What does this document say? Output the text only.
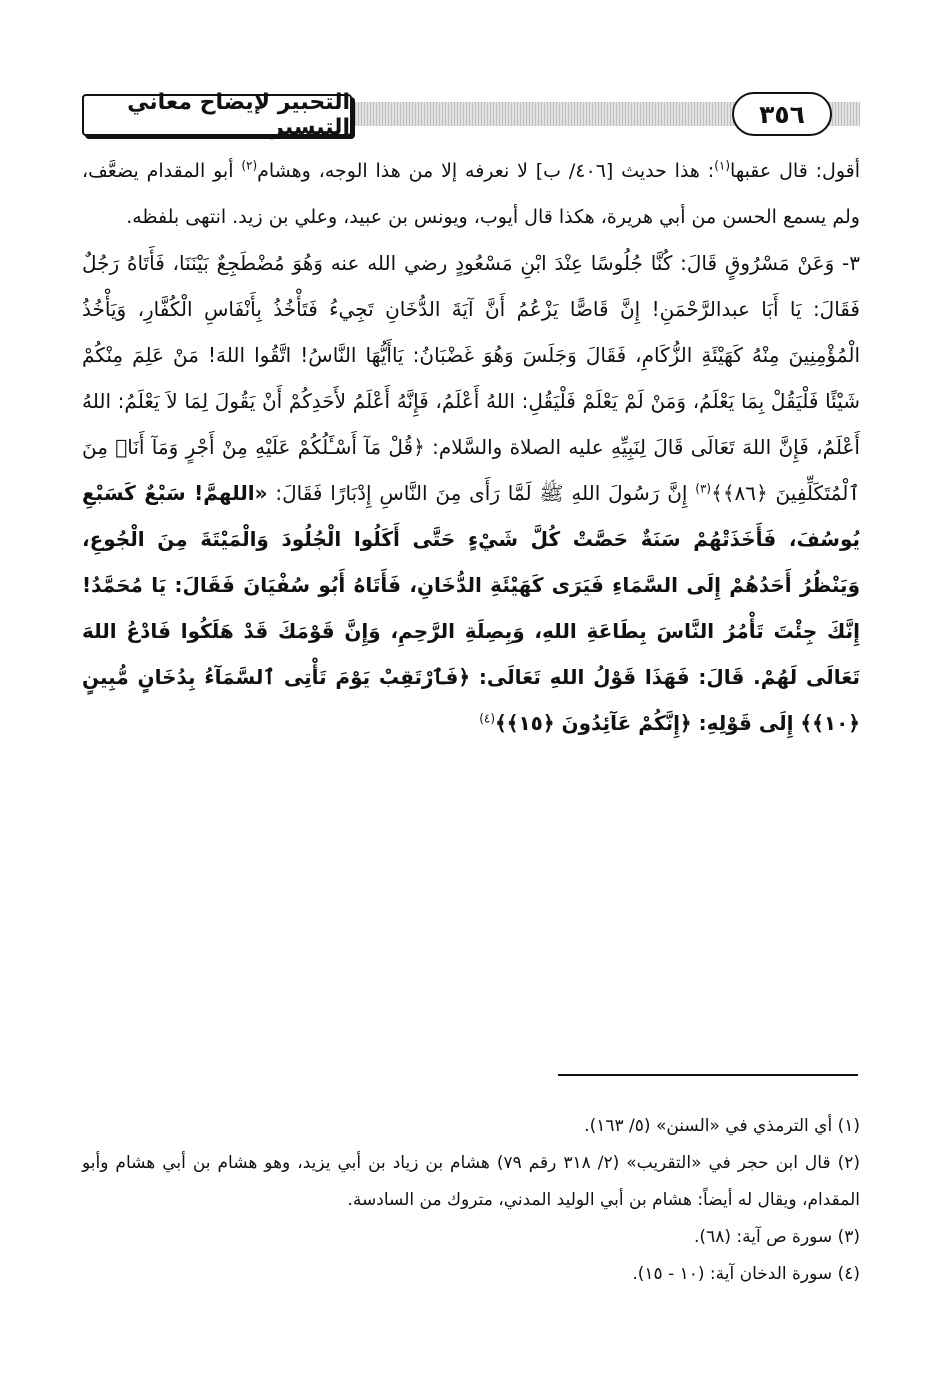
التحبير لإيضاح معاني التيسير	٣٥٦

أقول: قال عقبها$^{(١)}$: هذا حديث [٤٠٦/ ب] لا نعرفه إلا من هذا الوجه، وهشام$^{(٢)}$ أبو المقدام يضعَّف، ولم يسمع الحسن من أبي هريرة، هكذا قال أيوب، ويونس بن عبيد، وعلي بن زيد. انتهى بلفظه.

٣- وَعَنْ مَسْرُوقٍ قَالَ: كُنَّا جُلُوسًا عِنْدَ ابْنِ مَسْعُودٍ رضي الله عنه وَهُوَ مُضْطَجِعٌ بَيْنَنَا، فَأَتَاهُ رَجُلٌ فَقَالَ: يَا أَبَا عبدالرَّحْمَنِ! إِنَّ قَاصًّا يَزْعُمُ أَنَّ آيَةَ الدُّخَانِ تَجِيءُ فَتَأْخُذُ بِأَنْفَاسِ الْكُفَّارِ، وَيَأْخُذُ الْمُؤْمِنِينَ مِنْهُ كَهَيْئَةِ الزُّكَامِ، فَقَالَ وَجَلَسَ وَهُوَ غَضْبَانُ: يَاأَيُّهَا النَّاسُ! اتَّقُوا اللهَ! مَنْ عَلِمَ مِنْكُمْ شَيْئًا فَلْيَقُلْ بِمَا يَعْلَمُ، وَمَنْ لَمْ يَعْلَمْ فَلْيَقُلِ: اللهُ أَعْلَمُ، فَإِنَّهُ أَعْلَمُ لأَحَدِكُمْ أَنْ يَقُولَ لِمَا لاَ يَعْلَمُ: اللهُ أَعْلَمُ، فَإِنَّ اللهَ تَعَالَى قَالَ لِنَبِيِّهِ عليه الصلاة والسَّلام: ﴿قُلْ مَآ أَسْـَٔلُكُمْ عَلَيْهِ مِنْ أَجْرٍ وَمَآ أَنَا۠ مِنَ ٱلْمُتَكَلِّفِينَ ﴿٨٦﴾﴾$^{(٣)}$ إِنَّ رَسُولَ اللهِ ﷺ لَمَّا رَأَى مِنَ النَّاسِ إِدْبَارًا فَقَالَ: «اللهمَّ! سَبْعٌ كَسَبْعِ يُوسُفَ، فَأَخَذَتْهُمْ سَنَةٌ حَصَّتْ كُلَّ شَيْءٍ حَتَّى أَكَلُوا الْجُلُودَ وَالْمَيْتَةَ مِنَ الْجُوعِ، وَيَنْظُرُ أَحَدُهُمْ إِلَى السَّمَاءِ فَيَرَى كَهَيْئَةِ الدُّخَانِ، فَأَتَاهُ أَبُو سُفْيَانَ فَقَالَ: يَا مُحَمَّدُ! إِنَّكَ جِئْتَ تَأْمُرُ النَّاسَ بِطَاعَةِ اللهِ، وَبِصِلَةِ الرَّحِمِ، وَإِنَّ قَوْمَكَ قَدْ هَلَكُوا فَادْعُ اللهَ تَعَالَى لَهُمْ. قَالَ: فَهَذَا قَوْلُ اللهِ تَعَالَى: ﴿فَٱرْتَقِبْ يَوْمَ تَأْتِى ٱلسَّمَآءُ بِدُخَانٍ مُّبِينٍ ﴿١٠﴾﴾ إِلَى قَوْلِهِ: ﴿إِنَّكُمْ عَآئِدُونَ ﴿١٥﴾﴾$^{(٤)}$

(١) أي الترمذي في «السنن» (٥/ ١٦٣).

(٢) قال ابن حجر في «التقريب» (٢/ ٣١٨ رقم ٧٩) هشام بن زياد بن أبي يزيد، وهو هشام بن أبي هشام وأبو المقدام، ويقال له أيضاً: هشام بن أبي الوليد المدني، متروك من السادسة.

(٣) سورة ص آية: (٦٨).

(٤) سورة الدخان آية: (١٠ - ١٥).
